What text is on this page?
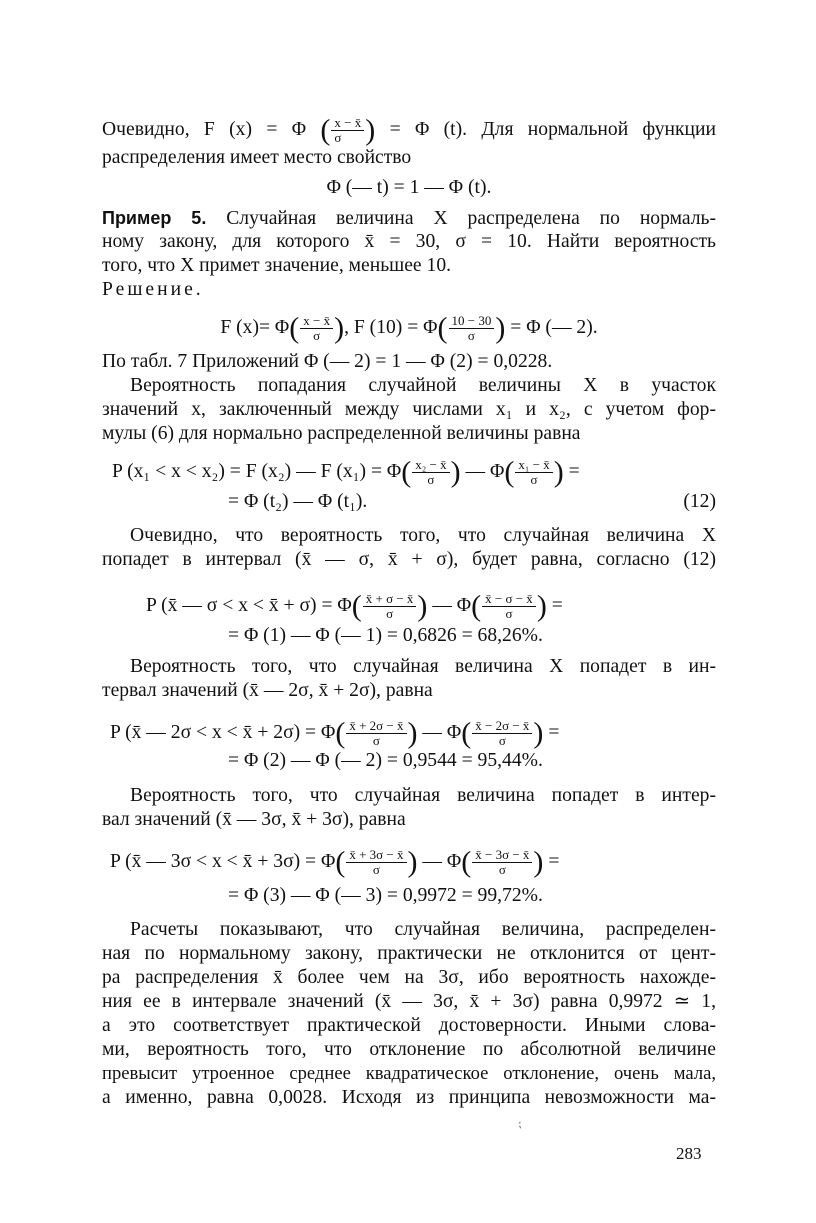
Очевидно, F (x) = Φ ( $\frac{x - x̄}{\sigma}$ ) = Φ (t). Для нормальной функции
распределения имеет место свойство
Φ (— t) = 1 — Φ (t).
Пример 5. Случайная величина X распределена по нормаль-
ному закону, для которого x̄ = 30, σ = 10. Найти вероятность
того, что X примет значение, меньшее 10.
Решение.
F $(x)= \Phi( \frac{x - x̄}{\sigma}$ ), F $(10) = \Phi( \frac{10 - 30}{\sigma}$ ) = Φ (— 2).
По табл. 7 Приложений Φ (— 2) = 1 — Φ (2) = 0,0228.
Вероятность попадания случайной величины X в участок
значений x, заключенный между числами x₁ и x₂, с учетом фор-
мулы (6) для нормально распределенной величины равна
P (x₁ < x < x₂) = F (x₂) — F $(x_1) = \Phi( \frac{\text{x₂ − x̄}}{\sigma}$ ) — $\Phi( \frac{\text{x₁ − x̄}}{\sigma}$ ) =
= Φ (t₂) — Φ (t₁).	(12)
Очевидно, что вероятность того, что случайная величина X
попадет в интервал (x̄ — σ, x̄ + σ), будет равна, согласно (12)
P (x̄ — σ < x < x̄ + $\sigma) = \Phi( \frac{x̄ + \sigma - x̄}{\sigma}$ ) — $\Phi( \frac{x̄ - \sigma - x̄}{\sigma}$ ) =
= Φ (1) — Φ (— 1) = 0,6826 = 68,26%.
Вероятность того, что случайная величина X попадет в ин-
тервал значений (x̄ — 2σ, x̄ + 2σ), равна
P (x̄ — 2σ < x < x̄ + $2\sigma) = \Phi( \frac{x̄ + 2\sigma - x̄}{\sigma}$ ) — $\Phi( \frac{x̄ - 2\sigma - x̄}{\sigma}$ ) =
= Φ (2) — Φ (— 2) = 0,9544 = 95,44%.
Вероятность того, что случайная величина попадет в интер-
вал значений (x̄ — 3σ, x̄ + 3σ), равна
P (x̄ — 3σ < x < x̄ + $3\sigma) = \Phi( \frac{x̄ + 3\sigma - x̄}{\sigma}$ ) — $\Phi( \frac{x̄ - 3\sigma - x̄}{\sigma}$ ) =
= Φ (3) — Φ (— 3) = 0,9972 = 99,72%.
Расчеты показывают, что случайная величина, распределен-
ная по нормальному закону, практически не отклонится от цент-
ра распределения x̄ более чем на 3σ, ибо вероятность нахожде-
ния ее в интервале значений (x̄ — 3σ, x̄ + 3σ) равна 0,9972 ≃ 1,
а это соответствует практической достоверности. Иными слова-
ми, вероятность того, что отклонение по абсолютной величине
превысит утроенное среднее квадратическое отклонение, очень мала,
а именно, равна 0,0028. Исходя из принципа невозможности ма-
⁏
283
